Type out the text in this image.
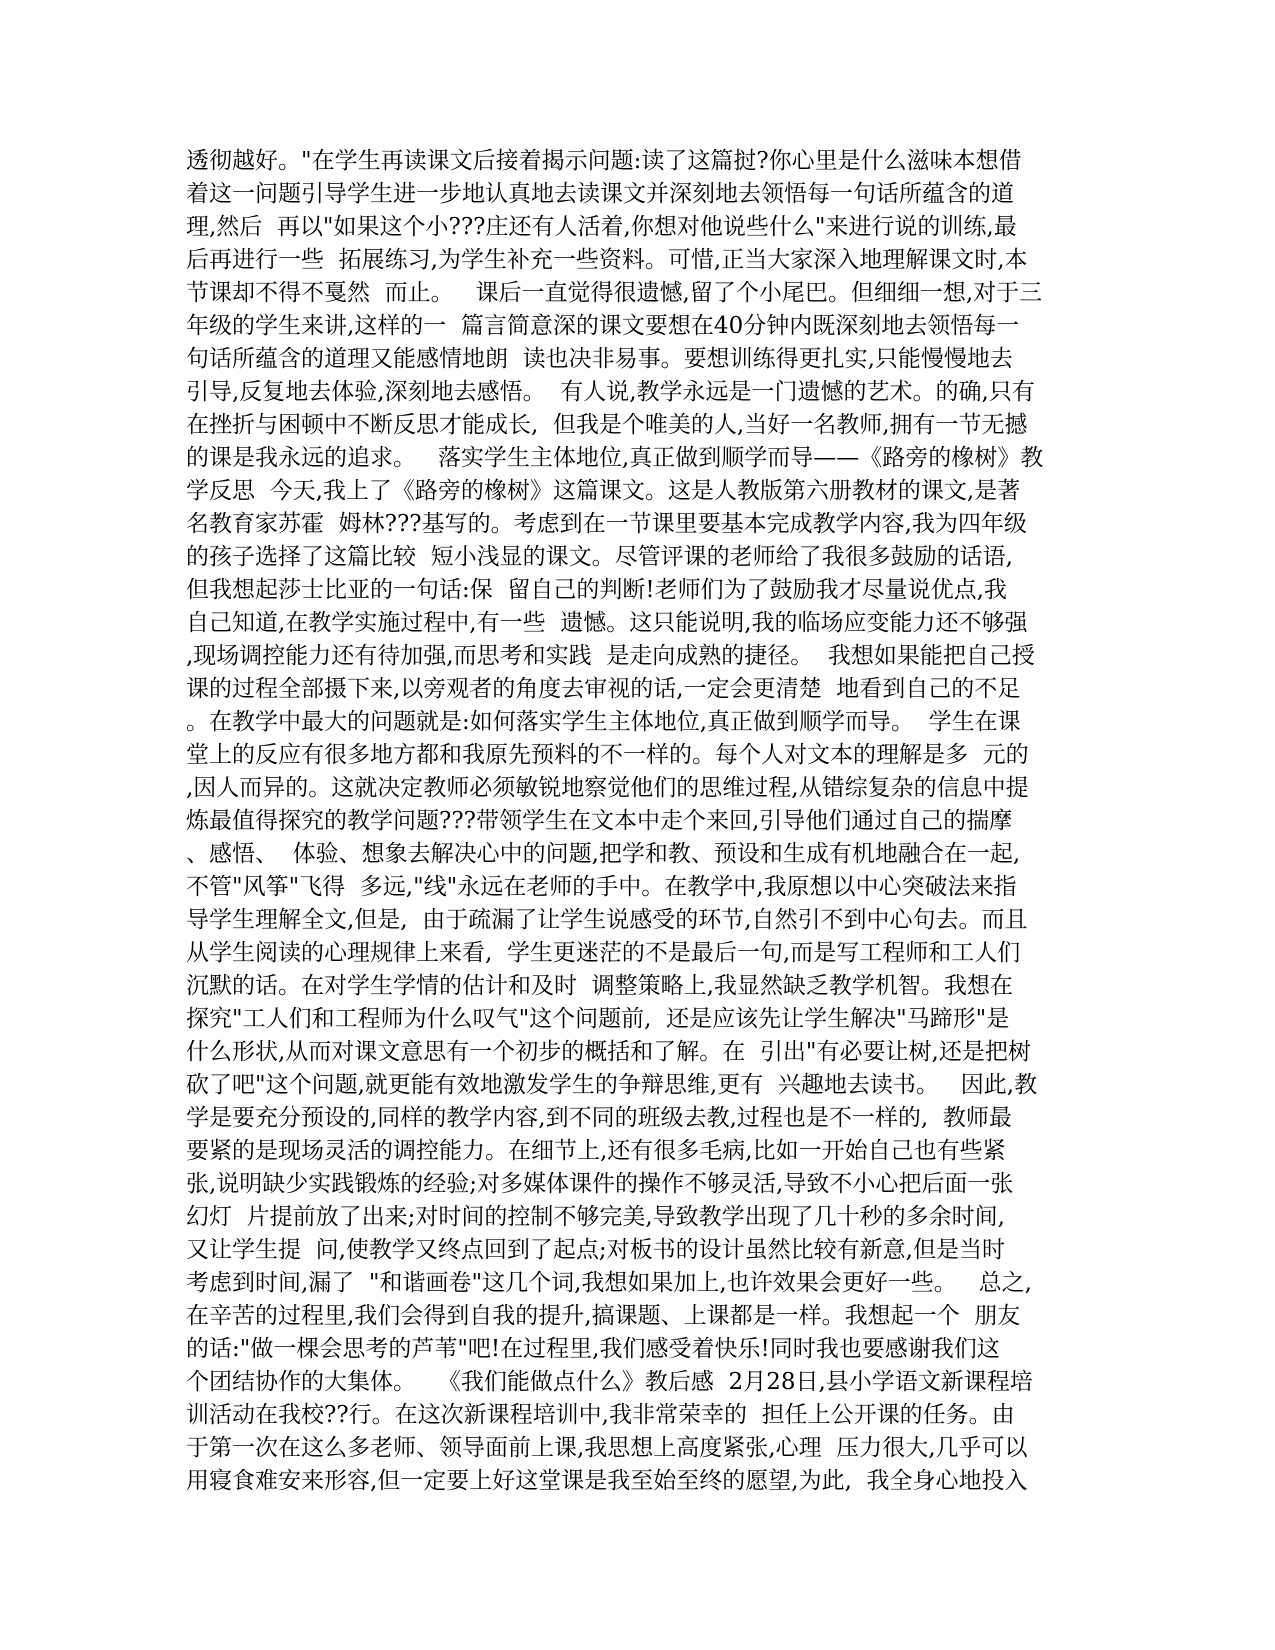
透彻越好。"在学生再读课文后接着揭示问题:读了这篇挝?你心里是什么滋味本想借
着这一问题引导学生进一步地认真地去读课文并深刻地去领悟每一句话所蕴含的道
理,然后  再以"如果这个小???庄还有人活着,你想对他说些什么"来进行说的训练,最
后再进行一些  拓展练习,为学生补充一些资料。可惜,正当大家深入地理解课文时,本
节课却不得不戛然  而止。   课后一直觉得很遗憾,留了个小尾巴。但细细一想,对于三
年级的学生来讲,这样的一  篇言简意深的课文要想在40分钟内既深刻地去领悟每一
句话所蕴含的道理又能感情地朗  读也决非易事。要想训练得更扎实,只能慢慢地去
引导,反复地去体验,深刻地去感悟。  有人说,教学永远是一门遗憾的艺术。的确,只有
在挫折与困顿中不断反思才能成长,  但我是个唯美的人,当好一名教师,拥有一节无撼
的课是我永远的追求。   落实学生主体地位,真正做到顺学而导——《路旁的橡树》教
学反思  今天,我上了《路旁的橡树》这篇课文。这是人教版第六册教材的课文,是著
名教育家苏霍  姆林???基写的。考虑到在一节课里要基本完成教学内容,我为四年级
的孩子选择了这篇比较  短小浅显的课文。尽管评课的老师给了我很多鼓励的话语,
但我想起莎士比亚的一句话:保  留自己的判断!老师们为了鼓励我才尽量说优点,我
自己知道,在教学实施过程中,有一些  遗憾。这只能说明,我的临场应变能力还不够强
,现场调控能力还有待加强,而思考和实践  是走向成熟的捷径。  我想如果能把自己授
课的过程全部摄下来,以旁观者的角度去审视的话,一定会更清楚  地看到自己的不足
。在教学中最大的问题就是:如何落实学生主体地位,真正做到顺学而导。  学生在课
堂上的反应有很多地方都和我原先预料的不一样的。每个人对文本的理解是多  元的
,因人而异的。这就决定教师必须敏锐地察觉他们的思维过程,从错综复杂的信息中提
炼最值得探究的教学问题???带领学生在文本中走个来回,引导他们通过自己的揣摩
、感悟、  体验、想象去解决心中的问题,把学和教、预设和生成有机地融合在一起,
不管"风筝"飞得  多远,"线"永远在老师的手中。在教学中,我原想以中心突破法来指
导学生理解全文,但是,  由于疏漏了让学生说感受的环节,自然引不到中心句去。而且
从学生阅读的心理规律上来看,  学生更迷茫的不是最后一句,而是写工程师和工人们
沉默的话。在对学生学情的估计和及时  调整策略上,我显然缺乏教学机智。我想在
探究"工人们和工程师为什么叹气"这个问题前,  还是应该先让学生解决"马蹄形"是
什么形状,从而对课文意思有一个初步的概括和了解。在  引出"有必要让树,还是把树
砍了吧"这个问题,就更能有效地激发学生的争辩思维,更有  兴趣地去读书。   因此,教
学是要充分预设的,同样的教学内容,到不同的班级去教,过程也是不一样的,  教师最
要紧的是现场灵活的调控能力。在细节上,还有很多毛病,比如一开始自己也有些紧
张,说明缺少实践锻炼的经验;对多媒体课件的操作不够灵活,导致不小心把后面一张
幻灯  片提前放了出来;对时间的控制不够完美,导致教学出现了几十秒的多余时间,
又让学生提  问,使教学又终点回到了起点;对板书的设计虽然比较有新意,但是当时
考虑到时间,漏了  "和谐画卷"这几个词,我想如果加上,也许效果会更好一些。   总之,
在辛苦的过程里,我们会得到自我的提升,搞课题、上课都是一样。我想起一个  朋友
的话:"做一棵会思考的芦苇"吧!在过程里,我们感受着快乐!同时我也要感谢我们这
个团结协作的大集体。   《我们能做点什么》教后感  2月28日,县小学语文新课程培
训活动在我校??行。在这次新课程培训中,我非常荣幸的  担任上公开课的任务。由
于第一次在这么多老师、领导面前上课,我思想上高度紧张,心理  压力很大,几乎可以
用寝食难安来形容,但一定要上好这堂课是我至始至终的愿望,为此,  我全身心地投入
